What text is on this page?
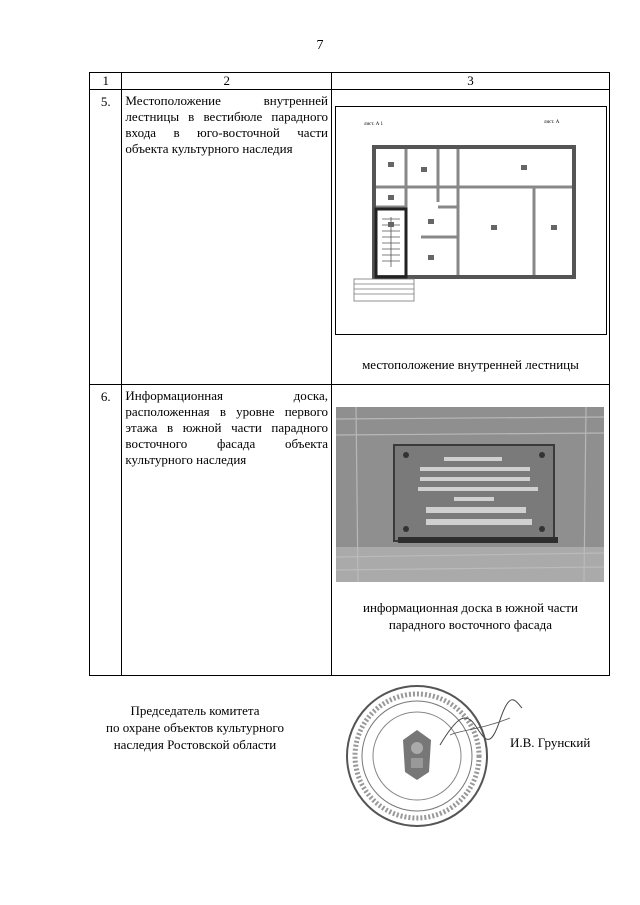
7
1	2	3
5.	Местоположение внутренней лестницы в вестибюле парадного входа в юго-восточной части объекта культурного наследия	лист. А 1 лист. А
местоположение внутренней лестницы

6.	Информационная доска, расположенная в уровне первого этажа в южной части парадного восточного фасада объекта культурного наследия	информационная доска в южной части
парадного восточного фасада
Председатель комитета
по охране объектов культурного
наследия Ростовской области	И.В. Грунский
